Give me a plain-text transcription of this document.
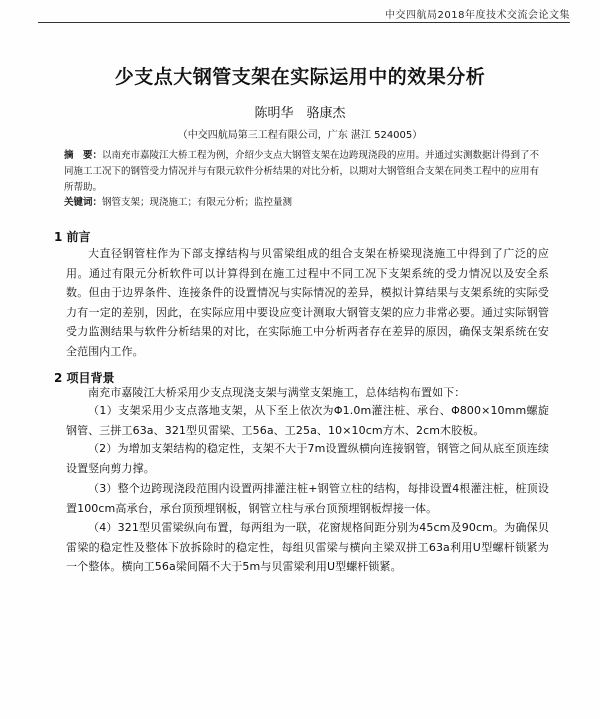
中交四航局2018年度技术交流会论文集
少支点大钢管支架在实际运用中的效果分析
陈明华　骆康杰
（中交四航局第三工程有限公司，广东 湛江 524005）
摘　要：以南充市嘉陵江大桥工程为例，介绍少支点大钢管支架在边跨现浇段的应用。并通过实测数据计得到了不同施工工况下的钢管受力情况并与有限元软件分析结果的对比分析，以期对大钢管组合支架在同类工程中的应用有所帮助。
关键词：钢管支架；现浇施工；有限元分析；监控量测
1 前言
大直径钢管柱作为下部支撑结构与贝雷梁组成的组合支架在桥梁现浇施工中得到了广泛的应用。通过有限元分析软件可以计算得到在施工过程中不同工况下支架系统的受力情况以及安全系数。但由于边界条件、连接条件的设置情况与实际情况的差异，模拟计算结果与支架系统的实际受力有一定的差别，因此，在实际应用中要设应变计测取大钢管支架的应力非常必要。通过实际钢管受力监测结果与软件分析结果的对比，在实际施工中分析两者存在差异的原因，确保支架系统在安全范围内工作。
2 项目背景
南充市嘉陵江大桥采用少支点现浇支架与满堂支架施工，总体结构布置如下：
（1）支架采用少支点落地支架，从下至上依次为Φ1.0m灌注桩、承台、Φ800×10mm螺旋钢管、三拼工63a、321型贝雷梁、工56a、工25a、10×10cm方木、2cm木胶板。
（2）为增加支架结构的稳定性，支架不大于7m设置纵横向连接钢管，钢管之间从底至顶连续设置竖向剪力撑。
（3）整个边跨现浇段范围内设置两排灌注桩+钢管立柱的结构，每排设置4根灌注桩，桩顶设置100cm高承台，承台顶预埋钢板，钢管立柱与承台顶预埋钢板焊接一体。
（4）321型贝雷梁纵向布置，每两组为一联，花窗规格间距分别为45cm及90cm。为确保贝雷梁的稳定性及整体下放拆除时的稳定性，每组贝雷梁与横向主梁双拼工63a利用U型螺杆锁紧为一个整体。横向工56a梁间隔不大于5m与贝雷梁利用U型螺杆锁紧。
